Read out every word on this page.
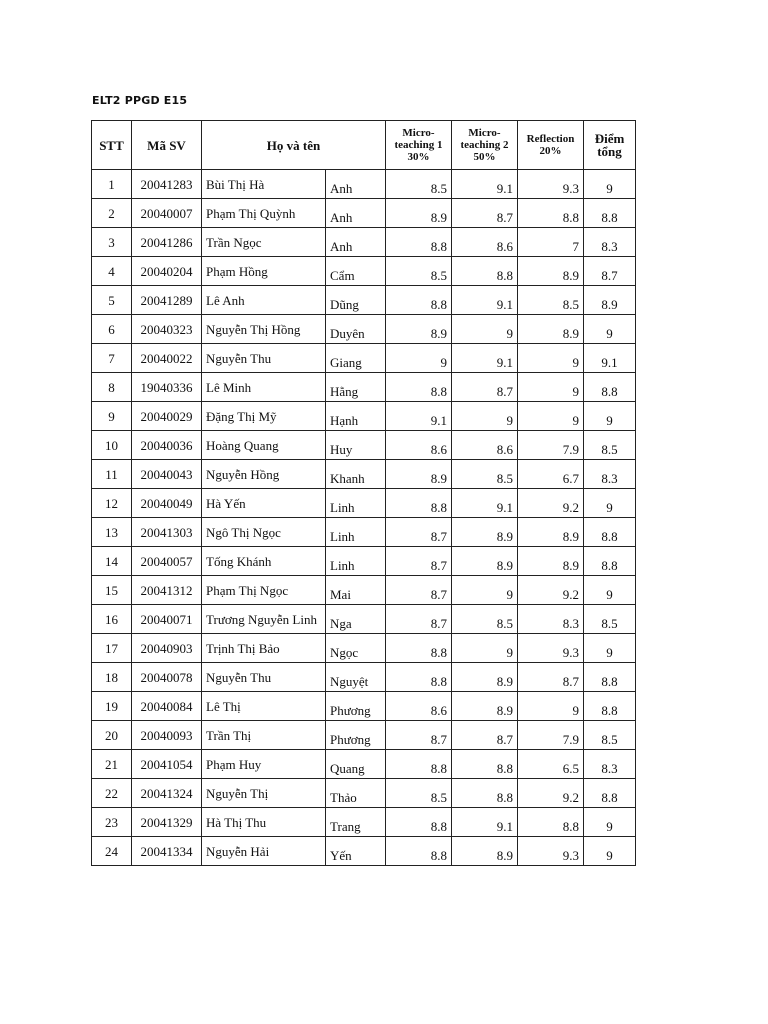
ELT2 PPGD E15
STT	Mã SV	Họ và tên		Micro-teaching 1 30%	Micro-teaching 2 50%	Reflection 20%	Điểm tổng
1	20041283	Bùi Thị Hà	Anh	8.5	9.1	9.3	9
2	20040007	Phạm Thị Quỳnh	Anh	8.9	8.7	8.8	8.8
3	20041286	Trần Ngọc	Anh	8.8	8.6	7	8.3
4	20040204	Phạm Hồng	Cẩm	8.5	8.8	8.9	8.7
5	20041289	Lê Anh	Dũng	8.8	9.1	8.5	8.9
6	20040323	Nguyễn Thị Hồng	Duyên	8.9	9	8.9	9
7	20040022	Nguyễn Thu	Giang	9	9.1	9	9.1
8	19040336	Lê Minh	Hằng	8.8	8.7	9	8.8
9	20040029	Đặng Thị Mỹ	Hạnh	9.1	9	9	9
10	20040036	Hoàng Quang	Huy	8.6	8.6	7.9	8.5
11	20040043	Nguyễn Hồng	Khanh	8.9	8.5	6.7	8.3
12	20040049	Hà Yến	Linh	8.8	9.1	9.2	9
13	20041303	Ngô Thị Ngọc	Linh	8.7	8.9	8.9	8.8
14	20040057	Tống Khánh	Linh	8.7	8.9	8.9	8.8
15	20041312	Phạm Thị Ngọc	Mai	8.7	9	9.2	9
16	20040071	Trương Nguyễn Linh	Nga	8.7	8.5	8.3	8.5
17	20040903	Trịnh Thị Bảo	Ngọc	8.8	9	9.3	9
18	20040078	Nguyễn Thu	Nguyệt	8.8	8.9	8.7	8.8
19	20040084	Lê Thị	Phương	8.6	8.9	9	8.8
20	20040093	Trần Thị	Phương	8.7	8.7	7.9	8.5
21	20041054	Phạm Huy	Quang	8.8	8.8	6.5	8.3
22	20041324	Nguyễn Thị	Thảo	8.5	8.8	9.2	8.8
23	20041329	Hà Thị Thu	Trang	8.8	9.1	8.8	9
24	20041334	Nguyễn Hải	Yến	8.8	8.9	9.3	9
